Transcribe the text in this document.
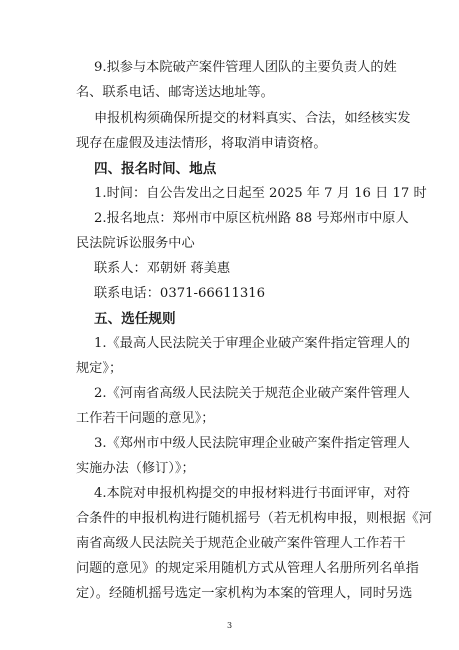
9.拟参与本院破产案件管理人团队的主要负责人的姓
名、联系电话、邮寄送达地址等。
申报机构须确保所提交的材料真实、合法，如经核实发
现存在虚假及违法情形，将取消申请资格。
四、报名时间、地点
1.时间：自公告发出之日起至 2025 年 7 月 16 日 17 时
2.报名地点：郑州市中原区杭州路 88 号郑州市中原人
民法院诉讼服务中心
联系人：邓朝妍 蒋美惠
联系电话：0371-66611316
五、选任规则
1.《最高人民法院关于审理企业破产案件指定管理人的
规定》；
2.《河南省高级人民法院关于规范企业破产案件管理人
工作若干问题的意见》；
3.《郑州市中级人民法院审理企业破产案件指定管理人
实施办法（修订）》；
4.本院对申报机构提交的申报材料进行书面评审，对符
合条件的申报机构进行随机摇号（若无机构申报，则根据《河
南省高级人民法院关于规范企业破产案件管理人工作若干
问题的意见》的规定采用随机方式从管理人名册所列名单指
定）。经随机摇号选定一家机构为本案的管理人，同时另选
3
